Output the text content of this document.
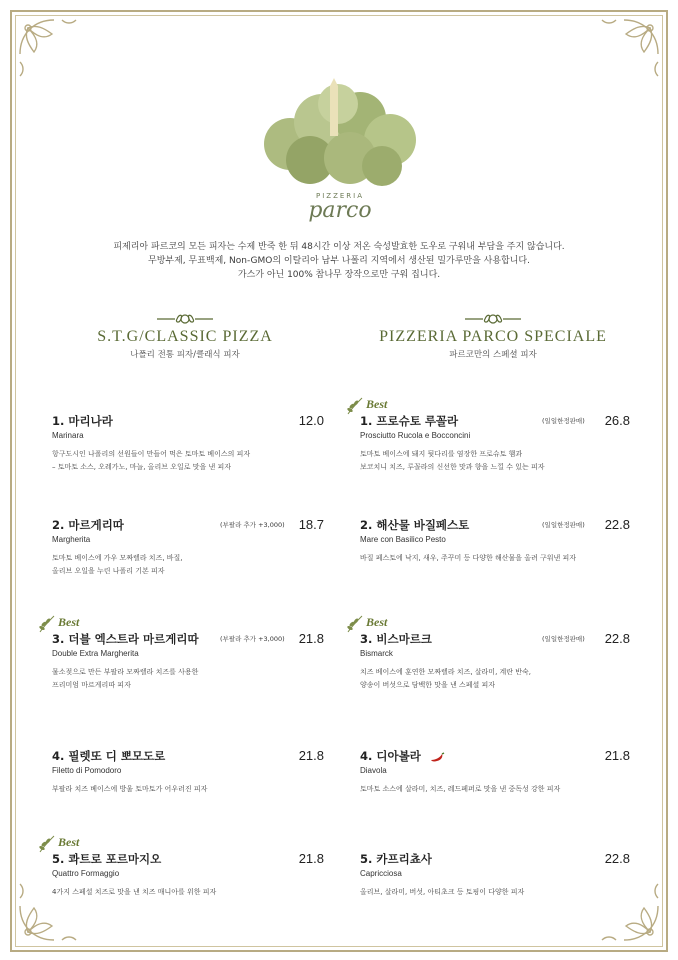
PIZZERIA
parco
피제리아 파르코의 모든 피자는 수제 반죽 한 뒤 48시간 이상 저온 숙성발효한 도우로 구워내 부담을 주지 않습니다.
무방부제, 무표백제, Non-GMO의 이탈리아 남부 나폴리 지역에서 생산된 밀가루만을 사용합니다.
가스가 아닌 100% 참나무 장작으로만 구워 집니다.
S.T.G/CLASSIC PIZZA
나폴리 전통 피자/클래식 피자
PIZZERIA PARCO SPECIALE
파르코만의 스페셜 피자
1. 마리나라	12.0
Marinara
항구도시인 나폴리의 선원들이 만들어 먹은 토마토 베이스의 피자
– 토마토 소스, 오레가노, 마늘, 올리브 오일로 맛을 낸 피자
2. 마르게리따	(부팔라 추가 +3,000) 18.7
Margherita
토마토 베이스에 가우 모짜렐라 치즈, 바질,
올리브 오일을 누린 나폴리 기본 피자
Best
3. 더블 엑스트라 마르게리따	(부팔라 추가 +3,000) 21.8
Double Extra Margherita
물소젖으로 만든 부팔라 모짜렐라 치즈를 사용한
프리미엄 마르게리따 피자
4. 필렛또 디 뽀모도로	21.8
Filetto di Pomodoro
부팔라 치즈 베이스에 방울 토마토가 어우러진 피자
Best
5. 콰트로 포르마지오	21.8
Quattro Formaggio
4가지 스페셜 치즈로 맛을 낸 치즈 매니아를 위한 피자
Best
1. 프로슈토 루꼴라	(일일한정판매) 26.8
Prosciutto Rucola e Bocconcini
토마토 베이스에 돼지 뒷다리를 염장한 프로슈토 햄과
보코치니 치즈, 루꼴라의 신선한 맛과 향을 느낄 수 있는 피자
2. 해산물 바질페스토	(일일한정판매) 22.8
Mare con Basilico Pesto
바질 페스토에 낙지, 새우, 주꾸미 등 다양한 해산물을 올려 구워낸 피자
Best
3. 비스마르크	(일일한정판매) 22.8
Bismarck
치즈 베이스에 훈연한 모짜렐라 치즈, 살라미, 계란 반숙,
양송이 버섯으로 담백한 맛을 낸 스페셜 피자
4. 디아볼라	21.8
Diavola
토마토 소스에 살라미, 치즈, 레드페퍼로 맛을 낸 중독성 강한 피자
5. 카프리쵸사	22.8
Capricciosa
올리브, 살라미, 버섯, 아티초크 등 토핑이 다양한 피자
